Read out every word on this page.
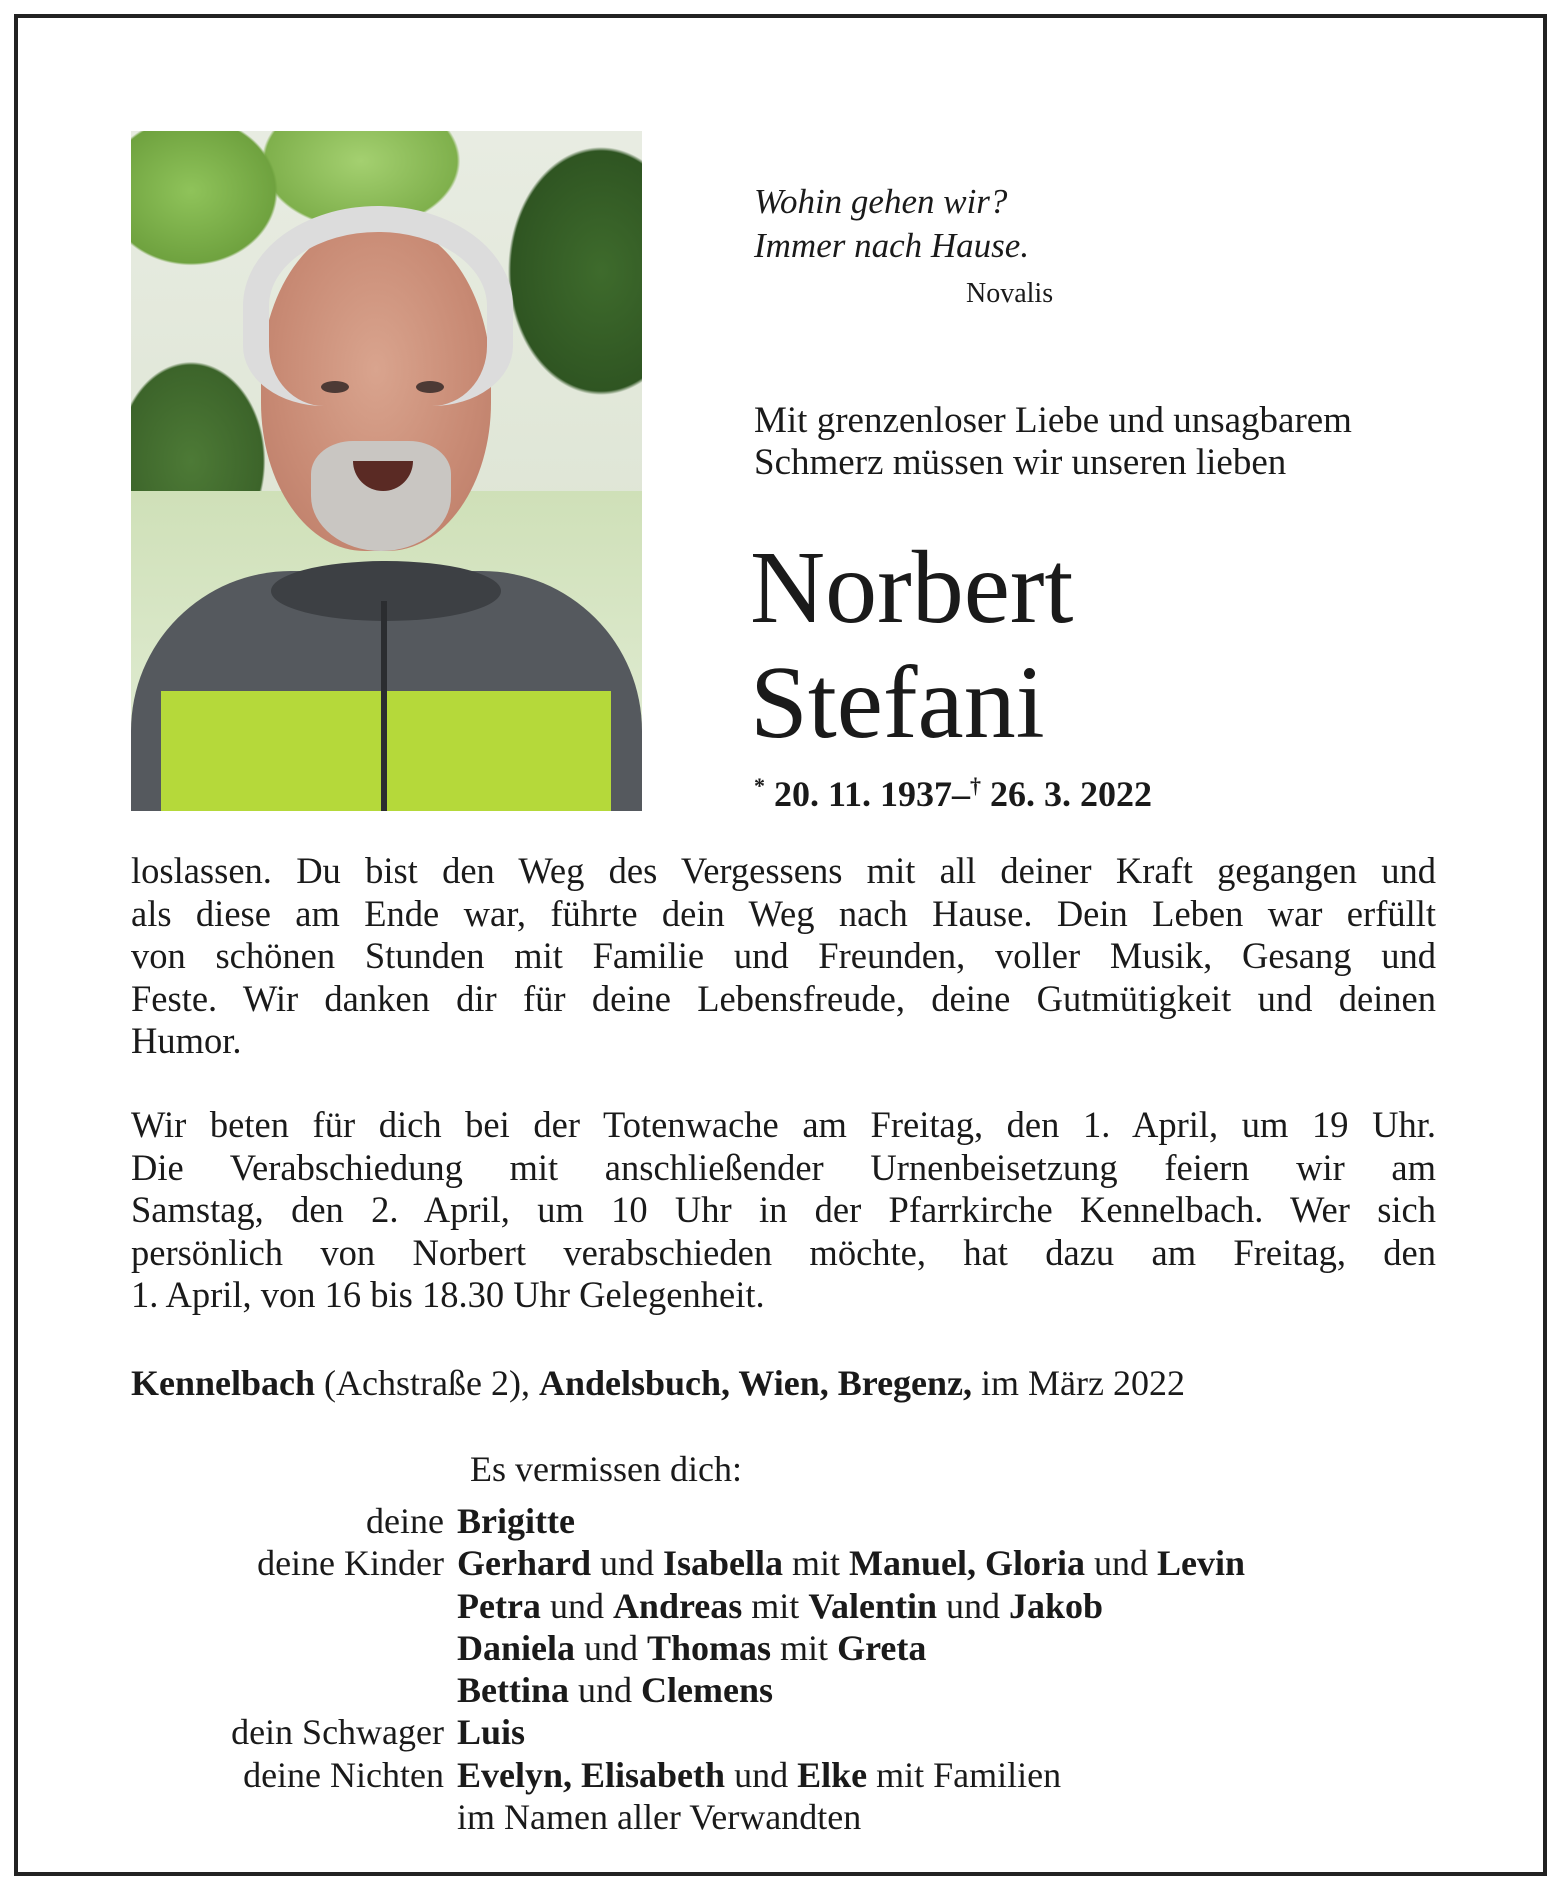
Wohin gehen wir?
Immer nach Hause.
Novalis
Mit grenzenloser Liebe und unsagbarem
Schmerz müssen wir unseren lieben
Norbert
Stefani
* 20. 11. 1937–† 26. 3. 2022
loslassen. Du bist den Weg des Vergessens mit all deiner Kraft gegangen und
als diese am Ende war, führte dein Weg nach Hause. Dein Leben war erfüllt
von schönen Stunden mit Familie und Freunden, voller Musik, Gesang und
Feste. Wir danken dir für deine Lebensfreude, deine Gutmütigkeit und deinen
Humor.
Wir beten für dich bei der Totenwache am Freitag, den 1. April, um 19 Uhr.
Die Verabschiedung mit anschließender Urnenbeisetzung feiern wir am
Samstag, den 2. April, um 10 Uhr in der Pfarrkirche Kennelbach. Wer sich
persönlich von Norbert verabschieden möchte, hat dazu am Freitag, den
1. April, von 16 bis 18.30 Uhr Gelegenheit.
Kennelbach (Achstraße 2), Andelsbuch, Wien, Bregenz, im März 2022
Es vermissen dich:
deine Brigitte
deine Kinder Gerhard und Isabella mit Manuel, Gloria und Levin
Petra und Andreas mit Valentin und Jakob
Daniela und Thomas mit Greta
Bettina und Clemens
dein Schwager Luis
deine Nichten Evelyn, Elisabeth und Elke mit Familien
im Namen aller Verwandten
